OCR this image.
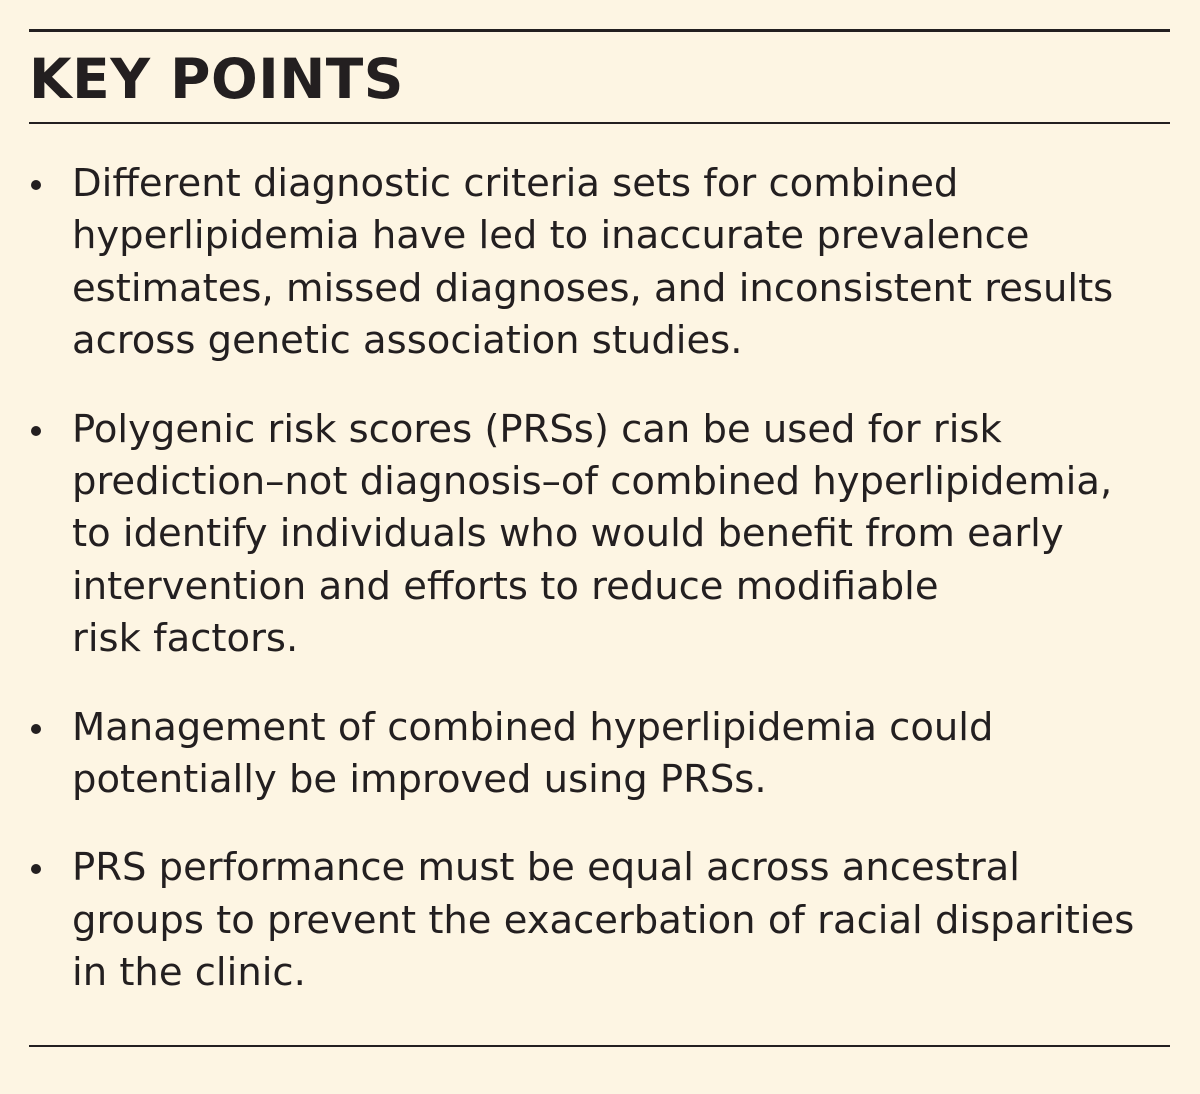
KEY POINTS
Different diagnostic criteria sets for combined
hyperlipidemia have led to inaccurate prevalence
estimates, missed diagnoses, and inconsistent results
across genetic association studies.
Polygenic risk scores (PRSs) can be used for risk
prediction–not diagnosis–of combined hyperlipidemia,
to identify individuals who would benefit from early
intervention and efforts to reduce modifiable
risk factors.
Management of combined hyperlipidemia could
potentially be improved using PRSs.
PRS performance must be equal across ancestral
groups to prevent the exacerbation of racial disparities
in the clinic.
